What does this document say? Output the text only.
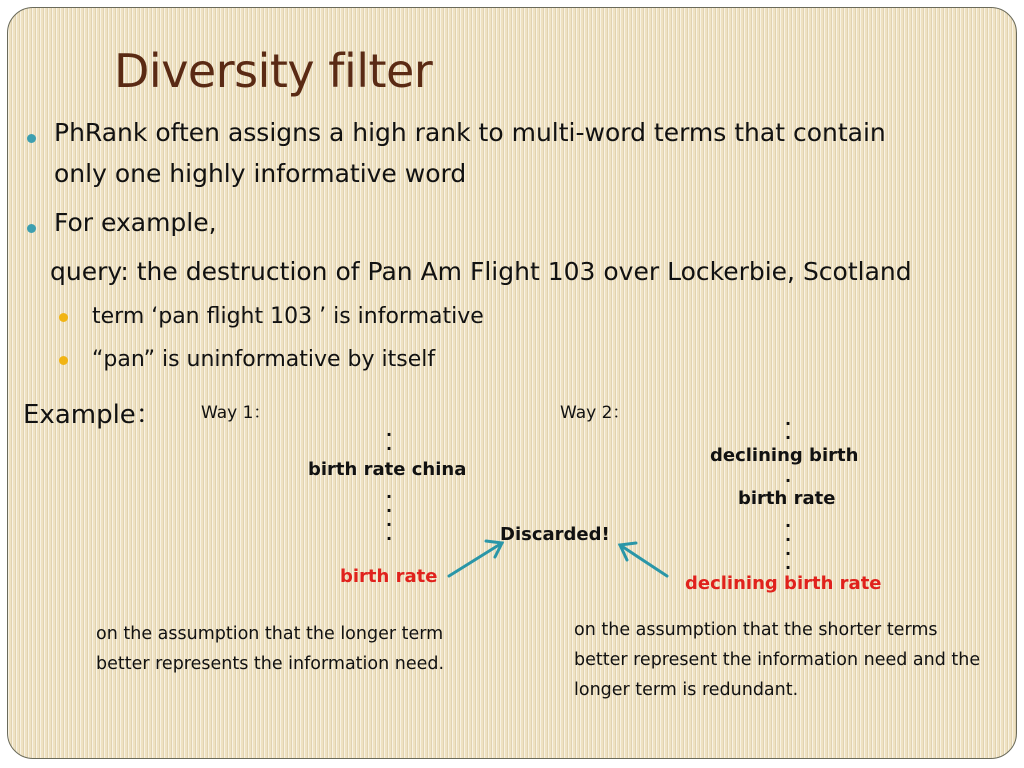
Diversity filter
PhRank often assigns a high rank to multi-word terms that contain
only one highly informative word
For example,
query: the destruction of Pan Am Flight 103 over Lockerbie, Scotland
term ‘pan flight 103 ’ is informative
“pan” is uninformative by itself
Example： Way 1：
.
.
birth rate china
.
.
.
.
birth rate
on the assumption that the longer term better represents the information need.
Discarded!
Way 2：	.
.
declining birth
.
birth rate
.
.
.
.
declining birth rate
on the assumption that the shorter terms better represent the information need and the longer term is redundant.
